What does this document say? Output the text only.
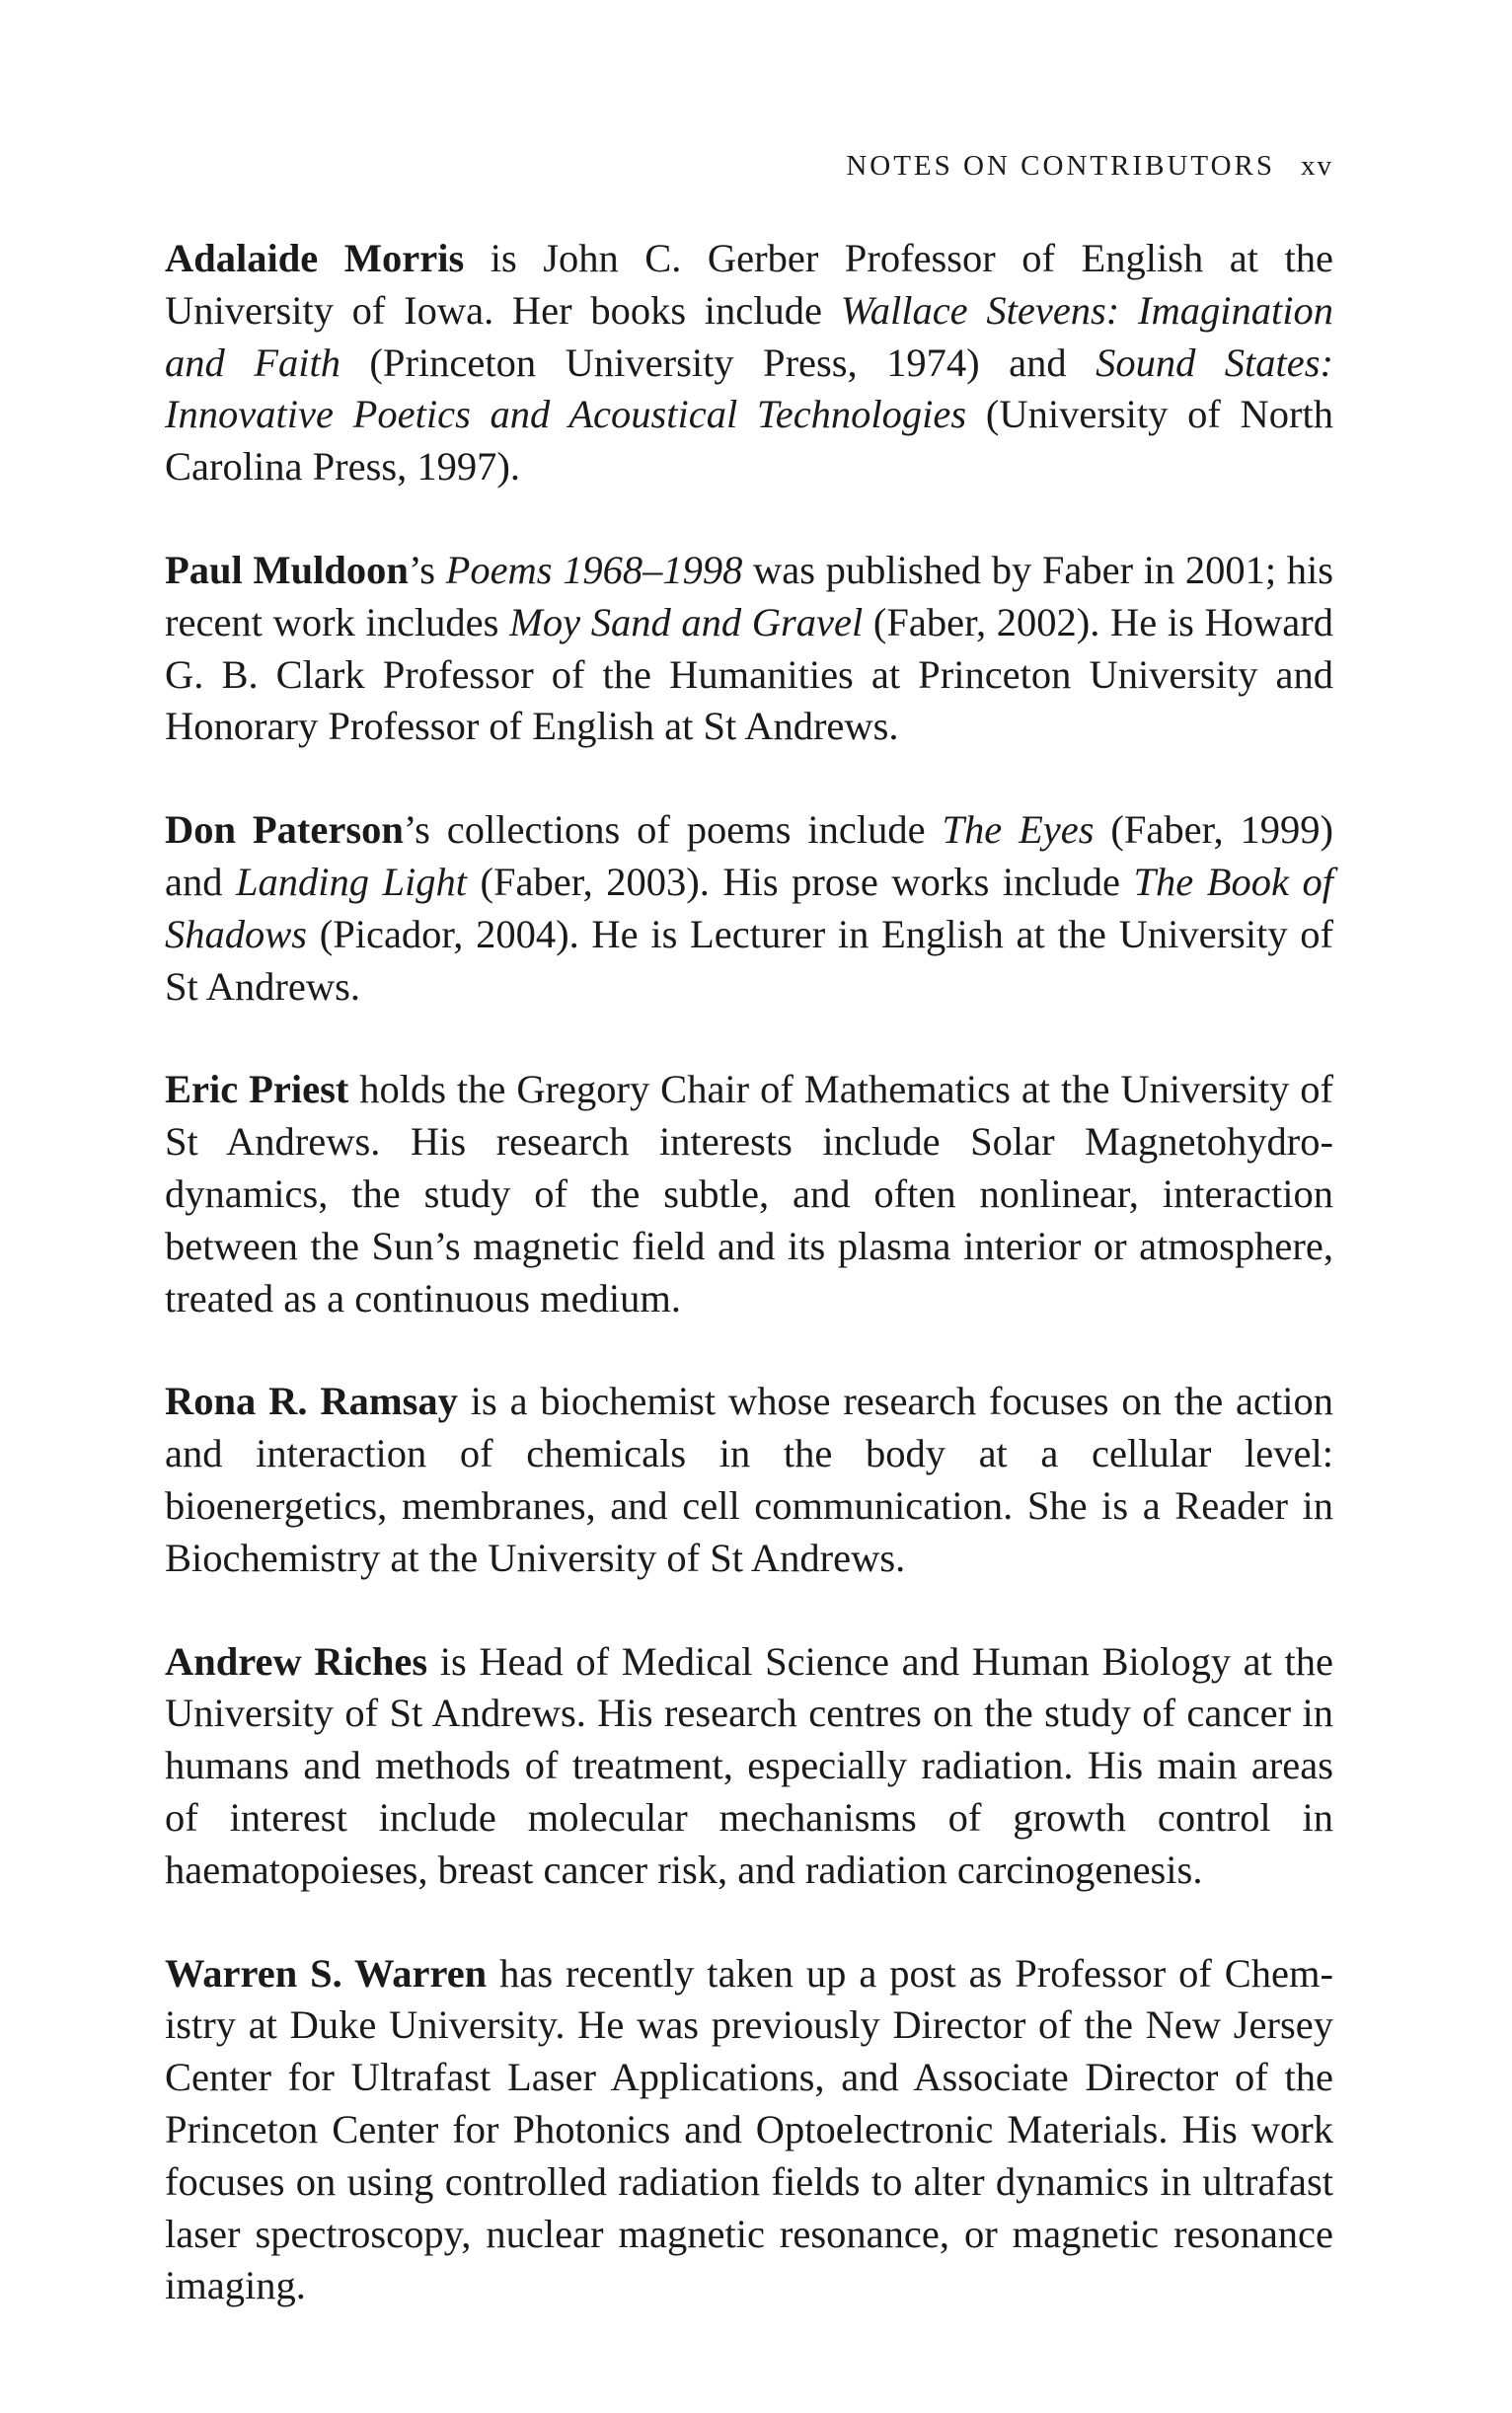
NOTES ON CONTRIBUTORS xv

Adalaide Morris is John C. Gerber Professor of English at the University of Iowa. Her books include Wallace Stevens: Imagination and Faith (Princeton University Press, 1974) and Sound States: Innovative Poetics and Acoustical Technologies (University of North Carolina Press, 1997).

Paul Muldoon’s Poems 1968–1998 was published by Faber in 2001; his recent work includes Moy Sand and Gravel (Faber, 2002). He is Howard G. B. Clark Professor of the Humanities at Princeton University and Honorary Professor of English at St Andrews.

Don Paterson’s collections of poems include The Eyes (Faber, 1999) and Landing Light (Faber, 2003). His prose works include The Book of Shadows (Picador, 2004). He is Lecturer in English at the University of St Andrews.

Eric Priest holds the Gregory Chair of Mathematics at the University of St Andrews. His research interests include Solar Magnetohydrodynamics, the study of the subtle, and often nonlinear, interaction between the Sun’s magnetic field and its plasma interior or atmosphere, treated as a continuous medium.

Rona R. Ramsay is a biochemist whose research focuses on the action and interaction of chemicals in the body at a cellular level: bioenergetics, membranes, and cell communication. She is a Reader in Biochemistry at the University of St Andrews.

Andrew Riches is Head of Medical Science and Human Biology at the University of St Andrews. His research centres on the study of cancer in humans and methods of treatment, especially radiation. His main areas of interest include molecular mechanisms of growth control in haematopoieses, breast cancer risk, and radiation carcinogenesis.

Warren S. Warren has recently taken up a post as Professor of Chemistry at Duke University. He was previously Director of the New Jersey Center for Ultrafast Laser Applications, and Associate Director of the Princeton Center for Photonics and Optoelectronic Materials. His work focuses on using controlled radiation fields to alter dynamics in ultrafast laser spectroscopy, nuclear magnetic resonance, or magnetic resonance imaging.
